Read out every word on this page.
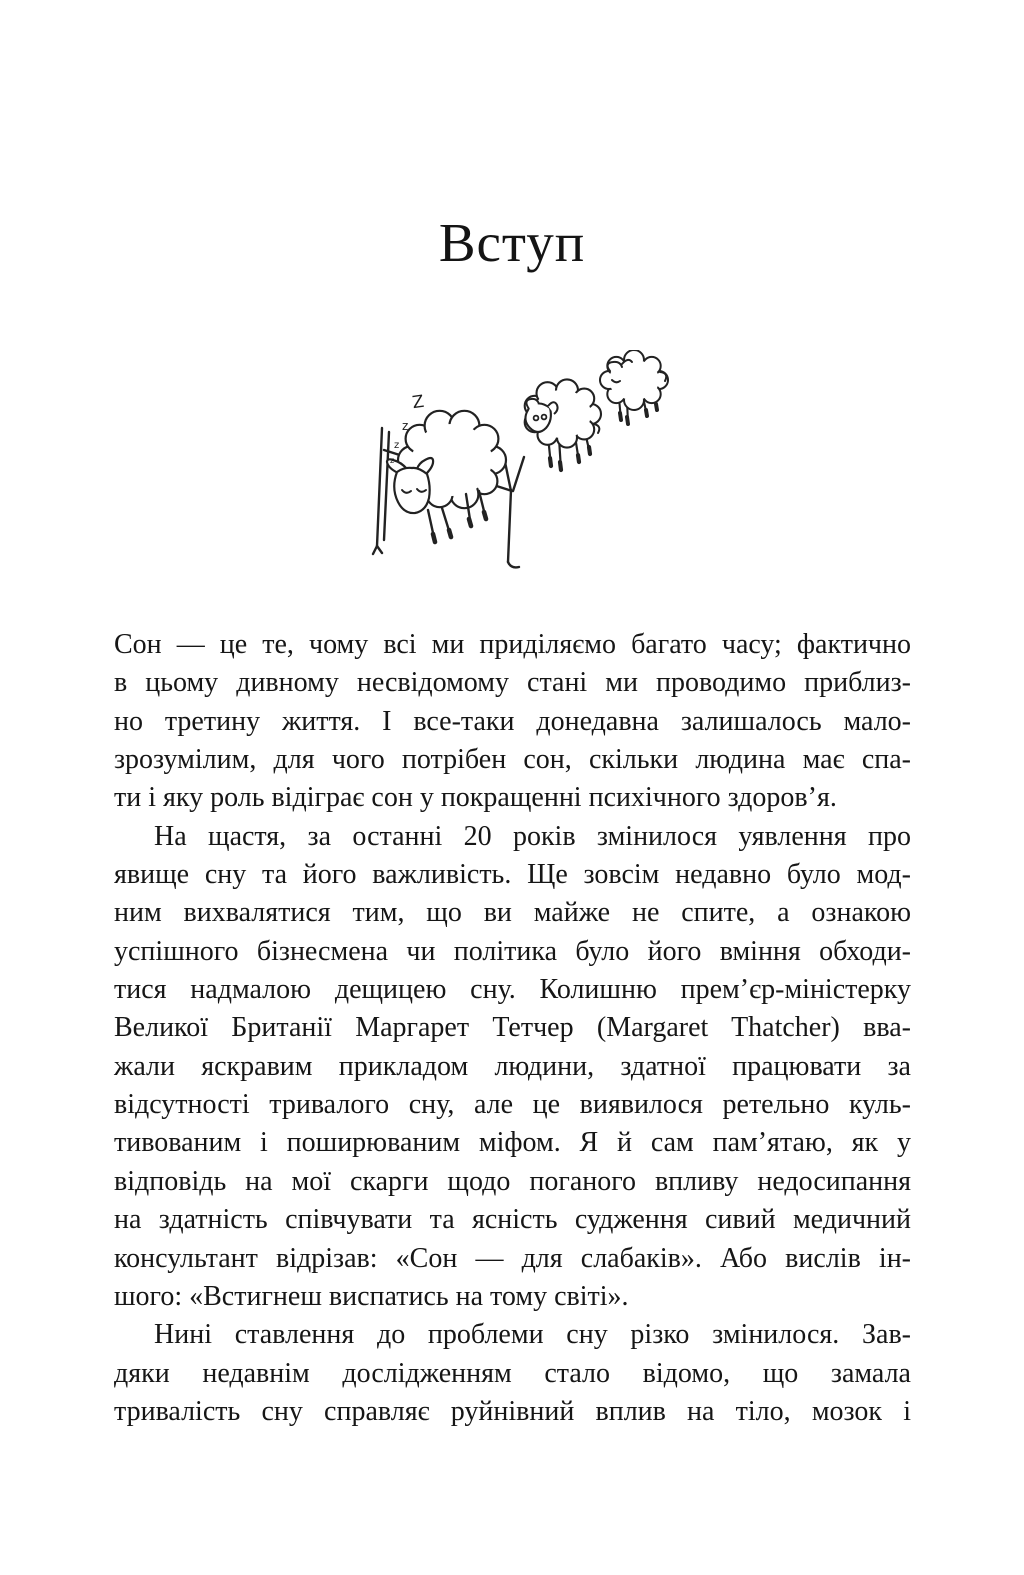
Вступ
Z
z
z
z

Сон — це те, чому всі ми приділяємо багато часу; фактично
в цьому дивному несвідомому стані ми проводимо приблиз-
но третину життя. І все-таки донедавна залишалось мало-
зрозумілим, для чого потрібен сон, скільки людина має спа-
ти і яку роль відіграє сон у покращенні психічного здоров’я.

На щастя, за останні 20 років змінилося уявлення про
явище сну та його важливість. Ще зовсім недавно було мод-
ним вихвалятися тим, що ви майже не спите, а ознакою
успішного бізнесмена чи політика було його вміння обходи-
тися надмалою дещицею сну. Колишню прем’єр-міністерку
Великої Британії Маргарет Тетчер (Margaret Thatcher) вва-
жали яскравим прикладом людини, здатної працювати за
відсутності тривалого сну, але це виявилося ретельно куль-
тивованим і поширюваним міфом. Я й сам пам’ятаю, як у
відповідь на мої скарги щодо поганого впливу недосипання
на здатність співчувати та ясність судження сивий медичний
консультант відрізав: «Сон — для слабаків». Або вислів ін-
шого: «Встигнеш виспатись на тому світі».

Нині ставлення до проблеми сну різко змінилося. Зав-
дяки недавнім дослідженням стало відомо, що замала
тривалість сну справляє руйнівний вплив на тіло, мозок і
